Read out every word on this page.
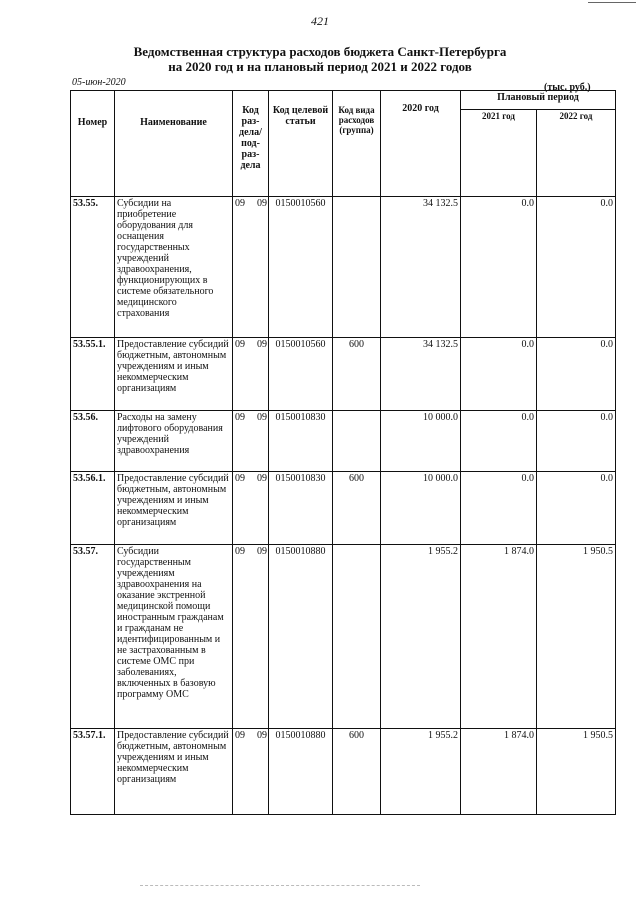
421
Ведомственная структура расходов бюджета Санкт-Петербурга
на 2020 год и на плановый период 2021 и 2022 годов
05-июн-2020	(тыс. руб.)
Номер	Наименование	Код раз-дела/ под-раз-дела	Код целевой статьи	Код вида расходов (группа)	2020 год	Плановый период	
						2021 год	2022 год
53.55.	Субсидии на приобретение оборудования для оснащения государственных учреждений здравоохранения, функционирующих в системе обязательного медицинского страхования	09 09	0150010560		34 132.5	0.0	0.0
53.55.1.	Предоставление субсидий бюджетным, автономным учреждениям и иным некоммерческим организациям	09 09	0150010560	600	34 132.5	0.0	0.0
53.56.	Расходы на замену лифтового оборудования учреждений здравоохранения	09 09	0150010830		10 000.0	0.0	0.0
53.56.1.	Предоставление субсидий бюджетным, автономным учреждениям и иным некоммерческим организациям	09 09	0150010830	600	10 000.0	0.0	0.0
53.57.	Субсидии государственным учреждениям здравоохранения на оказание экстренной медицинской помощи иностранным гражданам и гражданам не идентифицированным и не застрахованным в системе ОМС при заболеваниях, включенных в базовую программу ОМС	09 09	0150010880		1 955.2	1 874.0	1 950.5
53.57.1.	Предоставление субсидий бюджетным, автономным учреждениям и иным некоммерческим организациям	09 09	0150010880	600	1 955.2	1 874.0	1 950.5
